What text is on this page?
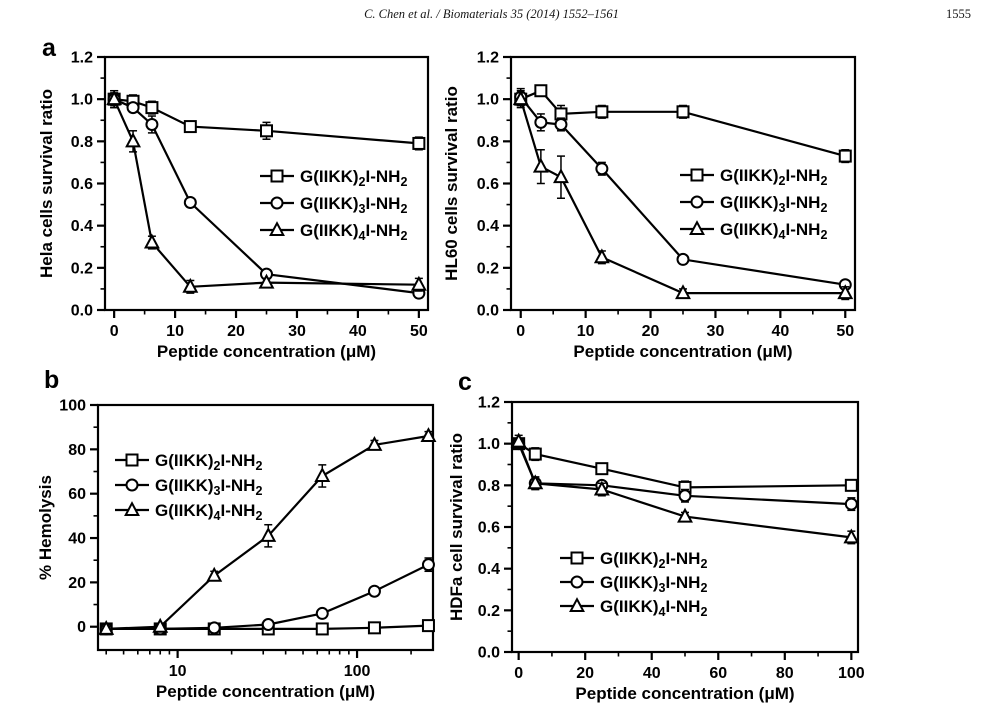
C. Chen et al. / Biomaterials 35 (2014) 1552–1561	1555
a
b	c
0	10	20	30	40	50
Peptide concentration (μM)
0.0
0.2
0.4
0.6
0.8
1.0
1.2
Hela cells survival ratio	$G(IIKK)_2I-NH_2$
$G(IIKK)_3I-NH_2$
$G(IIKK)_4I-NH_2$
0	10	20	30	40	50
Peptide concentration (μM)
0.0
0.2
0.4
0.6
0.8
1.0
1.2
HL60 cells survival ratio	$G(IIKK)_2I-NH_2$
$G(IIKK)_3I-NH_2$
$G(IIKK)_4I-NH_2$
10	100
Peptide concentration (μM)
0
20
40
60
80
100
% Hemolysis
$G(IIKK)_2I-NH_2$
$G(IIKK)_3I-NH_2$
$G(IIKK)_4I-NH_2$
0	20	40	60	80	100
Peptide concentration (μM)
0.0
0.2
0.4
0.6
0.8
1.0
1.2
HDFa cell survival ratio	$G(IIKK)_2I-NH_2$
$G(IIKK)_3I-NH_2$
$G(IIKK)_4I-NH_2$
